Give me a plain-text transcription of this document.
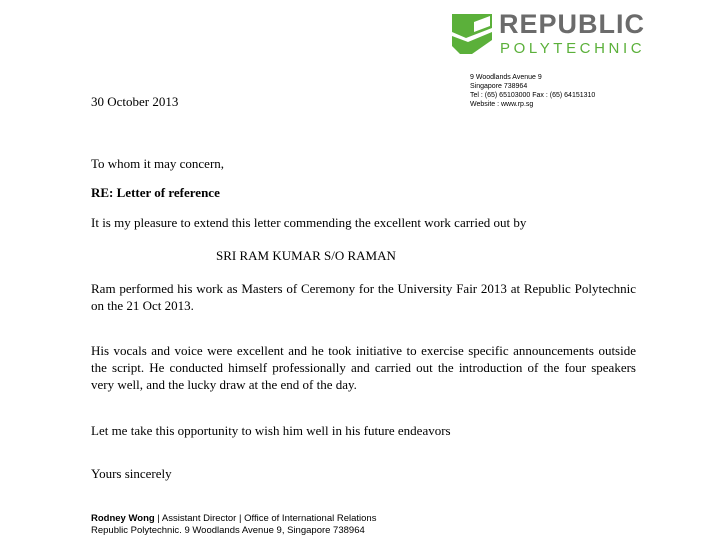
REPUBLIC
POLYTECHNIC
9 Woodlands Avenue 9
Singapore 738964
Tel : (65) 65103000 Fax : (65) 64151310
Website : www.rp.sg
30 October 2013
To whom it may concern,
RE: Letter of reference
It is my pleasure to extend this letter commending the excellent work carried out by
SRI RAM KUMAR S/O RAMAN
Ram performed his work as Masters of Ceremony for the University Fair 2013 at Republic Polytechnic on the 21 Oct 2013.
His vocals and voice were excellent and he took initiative to exercise specific announcements outside the script. He conducted himself professionally and carried out the introduction of the four speakers very well, and the lucky draw at the end of the day.
Let me take this opportunity to wish him well in his future endeavors
Yours sincerely
Rodney Wong | Assistant Director | Office of International Relations
Republic Polytechnic. 9 Woodlands Avenue 9, Singapore 738964
